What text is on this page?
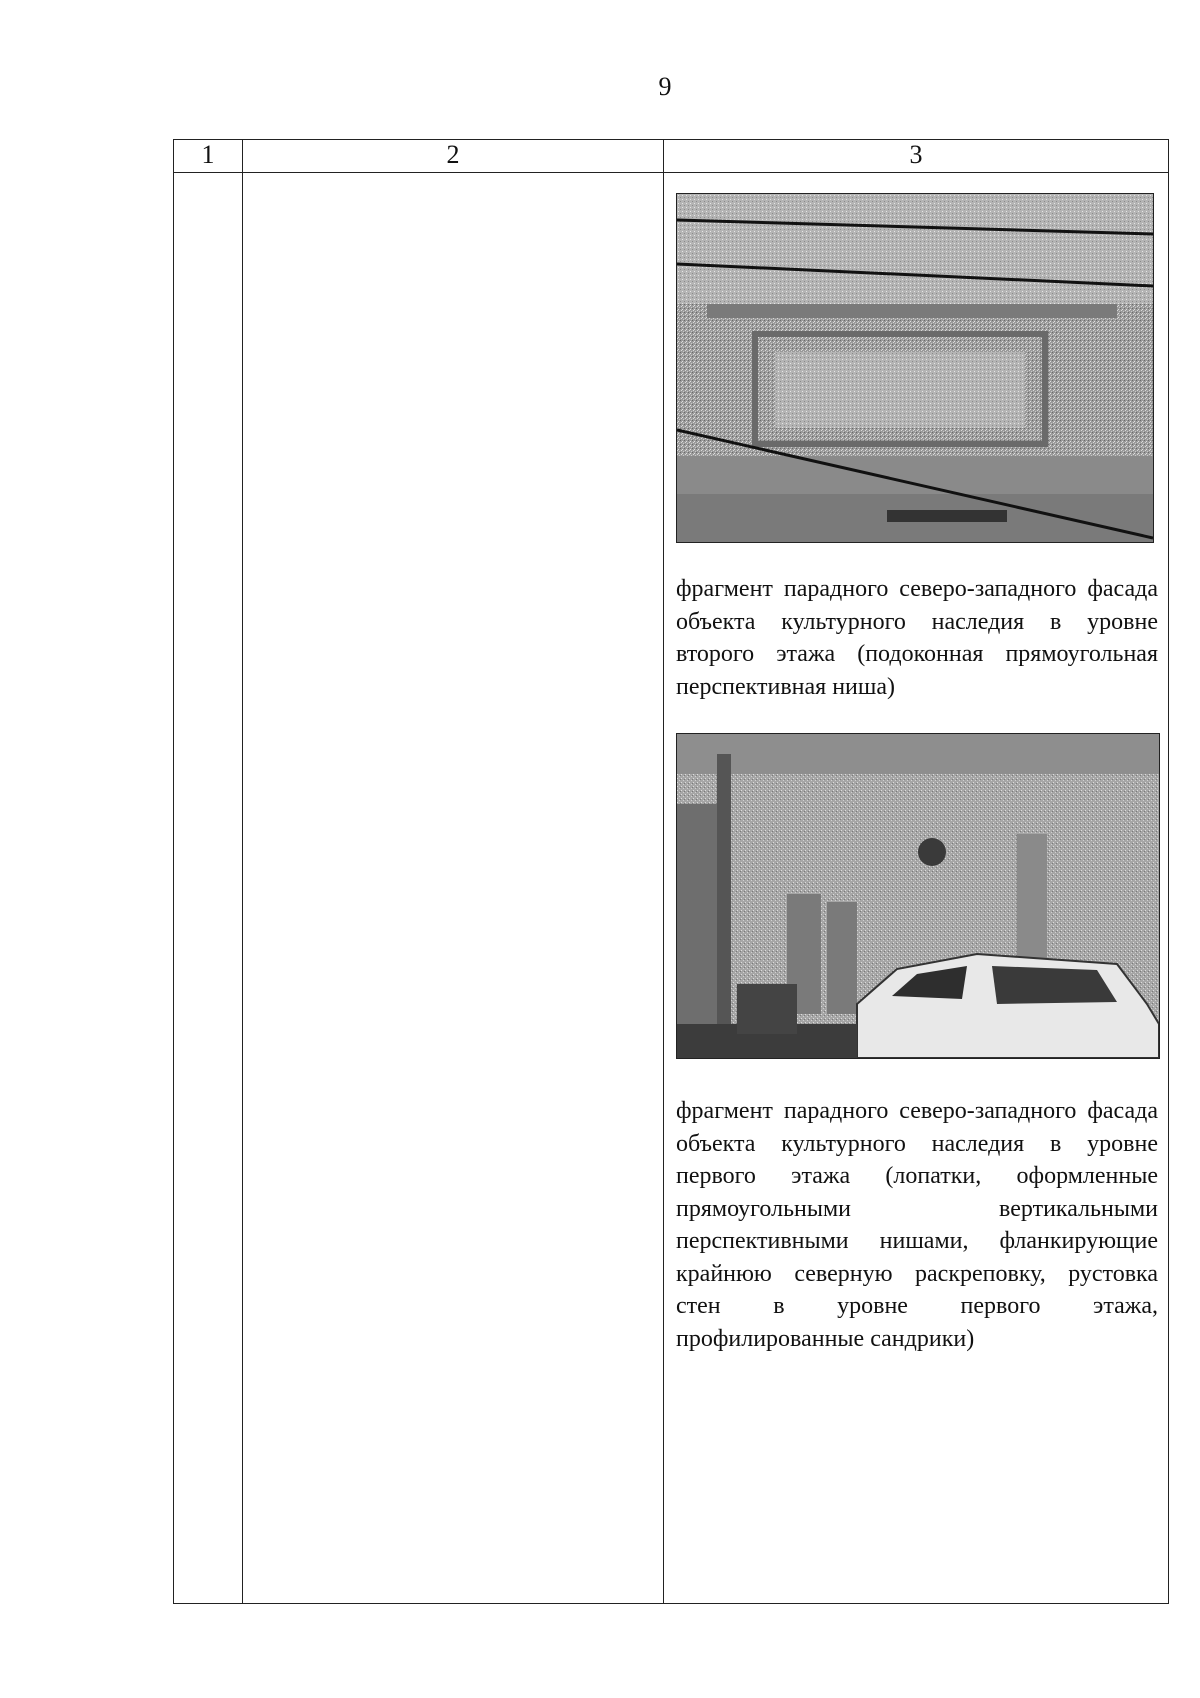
9
1	2	3

		фрагмент парадного северо-западного фасада объекта культурного наследия в уровне второго этажа (подоконная прямоугольная перспективная ниша)

фрагмент парадного северо-западного фасада объекта культурного наследия в уровне первого этажа (лопатки, оформленные прямоугольными вертикальными перспективными нишами, фланкирующие крайнюю северную раскреповку, рустовка стен в уровне первого этажа, профилированные сандрики)
